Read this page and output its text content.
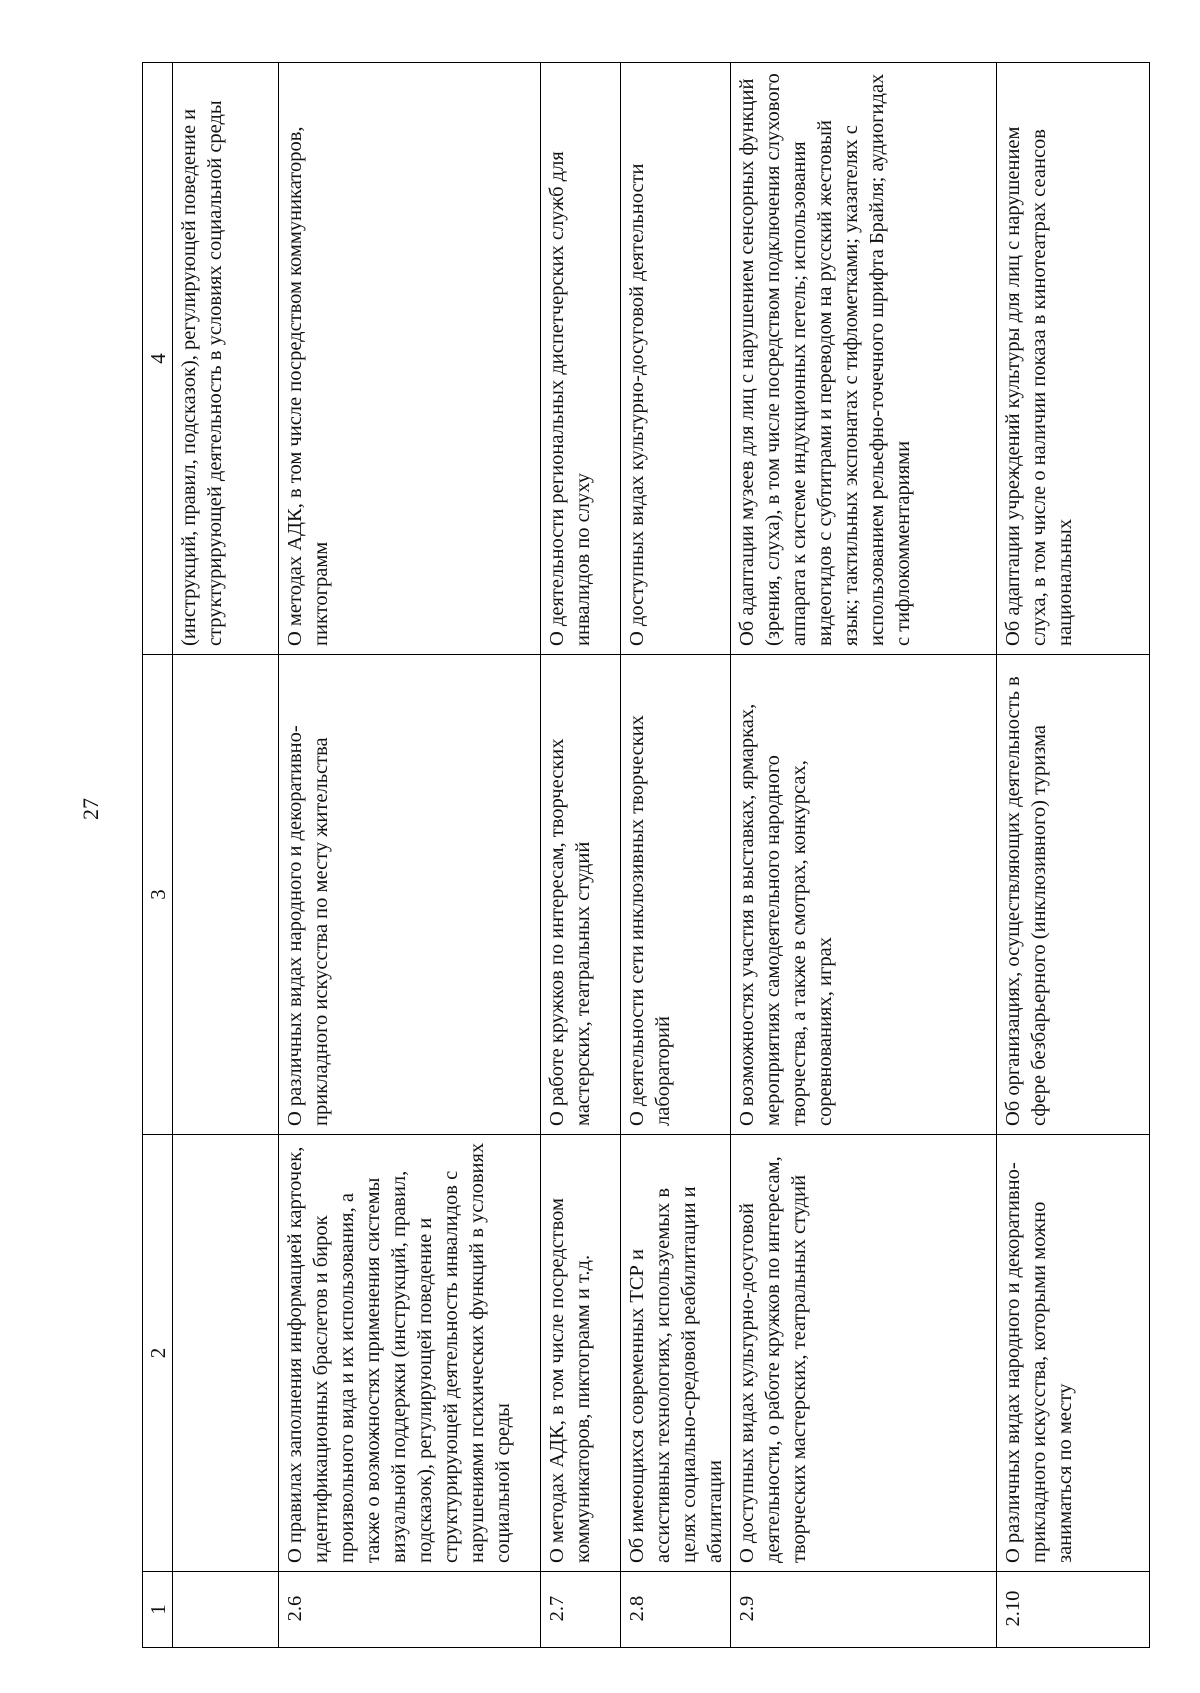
27
1	2	3	4
			(инструкций, правил, подсказок), регулирующей поведение и структурирующей деятельность в условиях социальной среды
2.6	О правилах заполнения информацией карточек, идентификационных браслетов и бирок произвольного вида и их использования, а также о возможностях применения системы визуальной поддержки (инструкций, правил, подсказок), регулирующей поведение и структурирующей деятельность инвалидов с нарушениями психических функций в условиях социальной среды	О различных видах народного и декоративно-прикладного искусства по месту жительства	О методах АДК, в том числе посредством коммуникаторов, пиктограмм
2.7	О методах АДК, в том числе посредством коммуникаторов, пиктограмм и т.д.	О работе кружков по интересам, творческих мастерских, театральных студий	О деятельности региональных диспетчерских служб для инвалидов по слуху
2.8	Об имеющихся современных ТСР и ассистивных технологиях, используемых в целях социально-средовой реабилитации и абилитации	О деятельности сети инклюзивных творческих лабораторий	О доступных видах культурно-досуговой деятельности
2.9	О доступных видах культурно-досуговой деятельности, о работе кружков по интересам, творческих мастерских, театральных студий	О возможностях участия в выставках, ярмарках, мероприятиях самодеятельного народного творчества, а также в смотрах, конкурсах, соревнованиях, играх	Об адаптации музеев для лиц с нарушением сенсорных функций (зрения, слуха), в том числе посредством подключения слухового аппарата к системе индукционных петель; использования видеогидов с субтитрами и переводом на русский жестовый язык; тактильных экспонатах с тифлометками; указателях с использованием рельефно-точечного шрифта Брайля; аудиогидах с тифлокомментариями
2.10	О различных видах народного и декоративно-прикладного искусства, которыми можно заниматься по месту	Об организациях, осуществляющих деятельность в сфере безбарьерного (инклюзивного) туризма	Об адаптации учреждений культуры для лиц с нарушением слуха, в том числе о наличии показа в кинотеатрах сеансов национальных
